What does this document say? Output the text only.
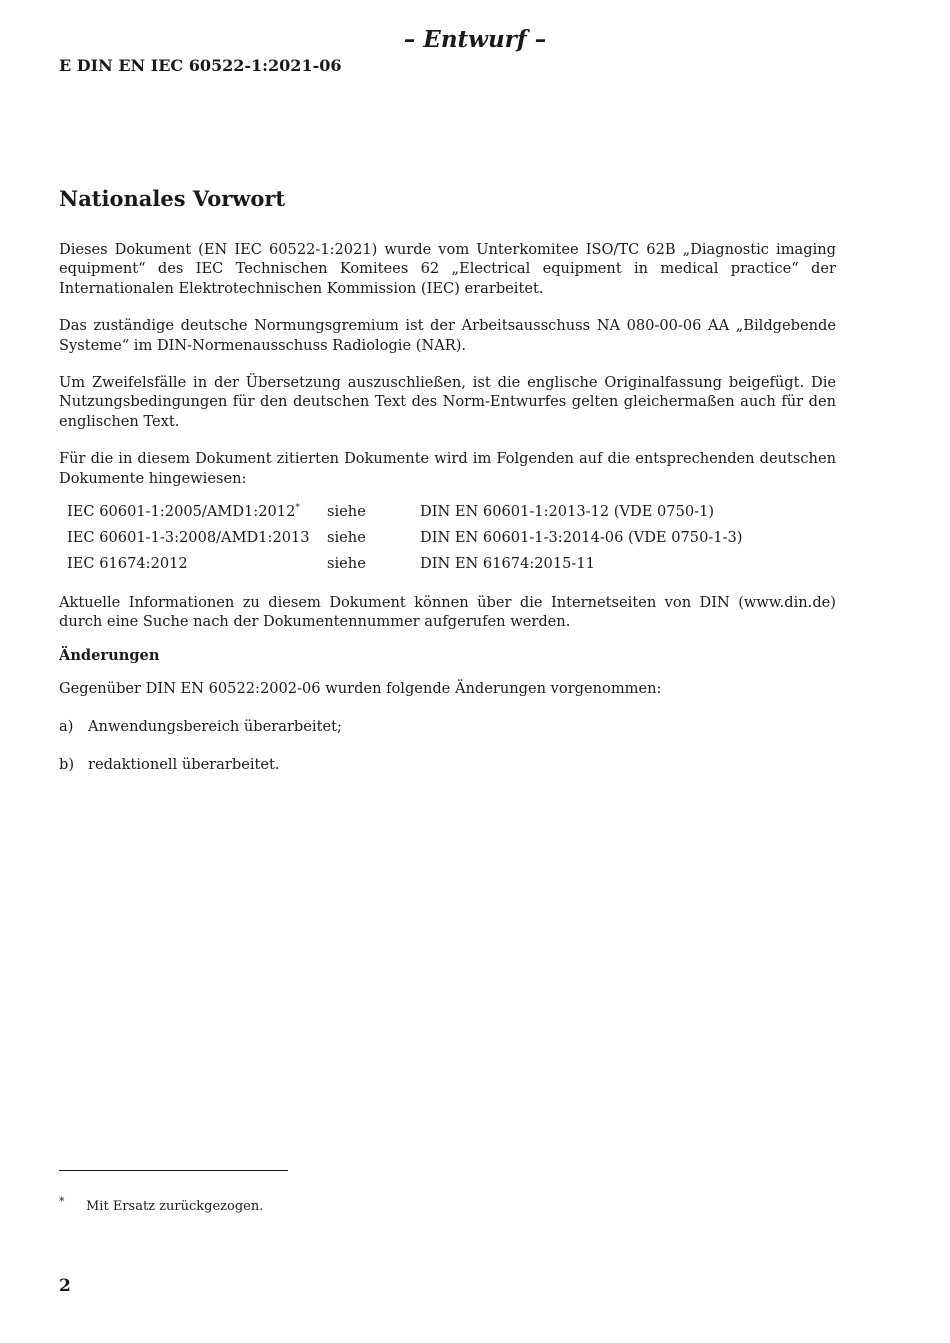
– Entwurf –
E DIN EN IEC 60522-1:2021-06
Nationales Vorwort

Dieses Dokument (EN IEC 60522-1:2021) wurde vom Unterkomitee ISO/TC 62B „Diagnostic imaging equipment“ des IEC Technischen Komitees 62 „Electrical equipment in medical practice“ der Internationalen Elektrotechnischen Kommission (IEC) erarbeitet.

Das zuständige deutsche Normungsgremium ist der Arbeitsausschuss NA 080-00-06 AA „Bildgebende Systeme“ im DIN-Normenausschuss Radiologie (NAR).

Um Zweifelsfälle in der Übersetzung auszuschließen, ist die englische Originalfassung beigefügt. Die Nutzungsbedingungen für den deutschen Text des Norm-Entwurfes gelten gleichermaßen auch für den englischen Text.

Für die in diesem Dokument zitierten Dokumente wird im Folgenden auf die entsprechenden deutschen Dokumente hingewiesen:

IEC 60601-1:2005/AMD1:2012*	siehe	DIN EN 60601-1:2013-12 (VDE 0750-1)
IEC 60601-1-3:2008/AMD1:2013	siehe	DIN EN 60601-1-3:2014-06 (VDE 0750-1-3)
IEC 61674:2012	siehe	DIN EN 61674:2015-11

Aktuelle Informationen zu diesem Dokument können über die Internetseiten von DIN (www.din.de) durch eine Suche nach der Dokumentennummer aufgerufen werden.

Änderungen

Gegenüber DIN EN 60522:2002-06 wurden folgende Änderungen vorgenommen:

a) Anwendungsbereich überarbeitet;
b) redaktionell überarbeitet.
*	Mit Ersatz zurückgezogen.
2
